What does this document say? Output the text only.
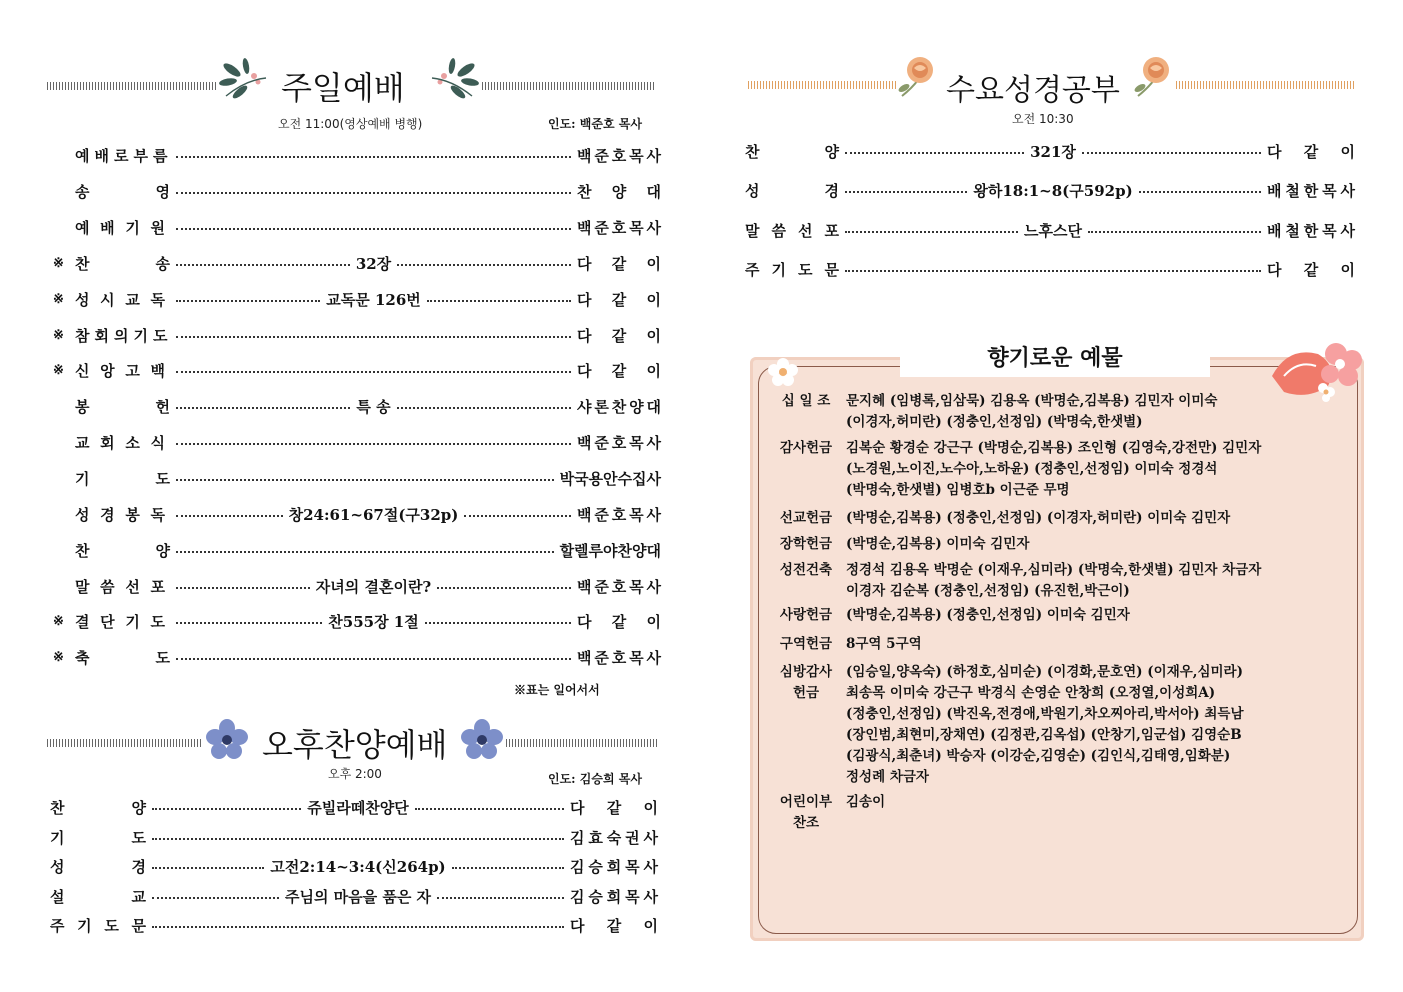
주일예배
오전 11:00(영상예배 병행)	인도: 백준호 목사
예 배 로 부 름	백 준 호 목 사
송	영	찬 양 대
예 배 기 원	백 준 호 목 사
※ 찬	송	32장	다 같 이
※ 성 시 교 독	교독문 126번	다 같 이
※ 참 회 의 기 도	다 같 이
※ 신 앙 고 백	다 같 이
봉	헌	특 송	샤 론 찬 양 대
교 회 소 식	백 준 호 목 사
기	도	박국용안수집사
성 경 봉 독	창24:61~67절(구32p)	백 준 호 목 사
찬	양	할렐루야찬양대
말 씀 선 포	자녀의 결혼이란?	백 준 호 목 사
※ 결 단 기 도	찬555장 1절	다 같 이
※ 축	도	백 준 호 목 사
※표는 일어서서
오후찬양예배
오후 2:00	인도: 김승희 목사
찬	양	쥬빌라떼찬양단	다 같 이
기	도	김 효 숙 권 사
성	경	고전2:14~3:4(신264p)	김 승 희 목 사
설	교	주님의 마음을 품은 자	김 승 희 목 사
주 기 도 문	다 같 이
수요성경공부
오전 10:30
찬	양	321장	다 같 이
성	경	왕하18:1~8(구592p)	배 철 한 목 사
말 씀 선 포	느후스단	배 철 한 목 사
주 기 도 문	다 같 이
향기로운 예물
십 일 조	문지혜 (임병록,임삼묵) 김용옥 (박명순,김복용) 김민자 이미숙
(이경자,허미란) (정충인,선정임) (박명숙,한샛별)
감사헌금 김복순 황경순 강근구 (박명순,김복용) 조인형 (김영숙,강전만) 김민자
(노경원,노이진,노수아,노하윤) (정충인,선정임) 이미숙 정경석
(박명숙,한샛별) 임병호b 이근준 무명
선교헌금 (박명순,김복용) (정충인,선정임) (이경자,허미란) 이미숙 김민자
장학헌금 (박명순,김복용) 이미숙 김민자
성전건축 정경석 김용옥 박명순 (이재우,심미라) (박명숙,한샛별) 김민자 차금자
이경자 김순복 (정충인,선정임) (유진헌,박근이)
사랑헌금 (박명순,김복용) (정충인,선정임) 이미숙 김민자
구역헌금 8구역 5구역
심방감사 헌금
(임승일,양옥숙) (하정호,심미순) (이경화,문호연) (이재우,심미라)
최송목 이미숙 강근구 박경식 손영순 안창희 (오정열,이성희A)
(정충인,선정임) (박진옥,전경애,박원기,차오찌아리,박서아) 최득남
(장인범,최현미,장채연) (김정관,김옥섭) (안창기,임군섭) 김영순B
(김광식,최춘녀) 박승자 (이강순,김영순) (김인식,김태영,임화분)
정성례 차금자
어린이부 찬조
김송이
